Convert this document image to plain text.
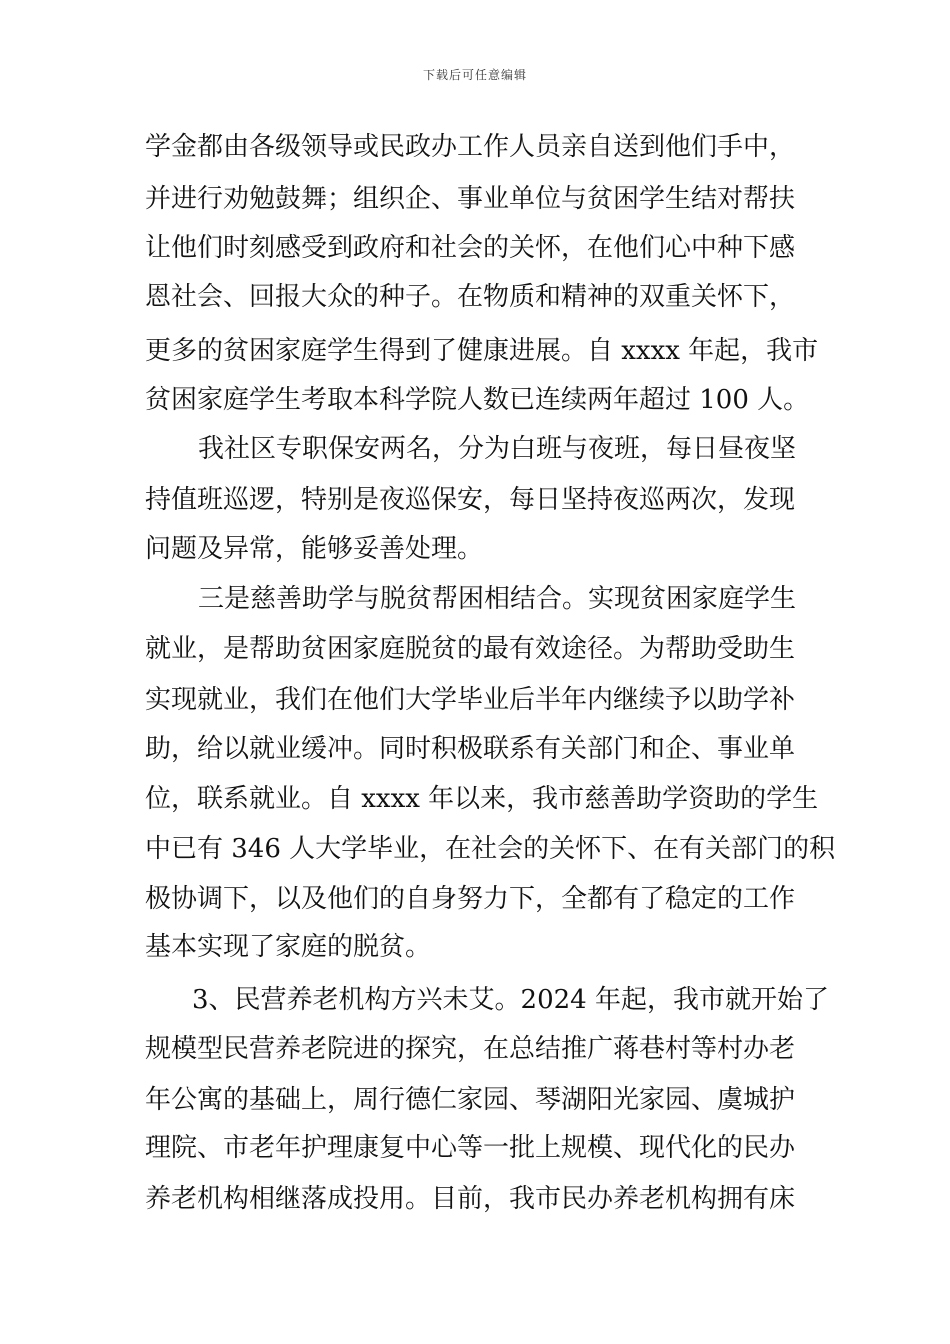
下载后可任意编辑
学金都由各级领导或民政办工作人员亲自送到他们手中，
并进行劝勉鼓舞；组织企、事业单位与贫困学生结对帮扶
让他们时刻感受到政府和社会的关怀，在他们心中种下感
恩社会、回报大众的种子。在物质和精神的双重关怀下，
更多的贫困家庭学生得到了健康进展。自 xxxx 年起，我市
贫困家庭学生考取本科学院人数已连续两年超过 100 人。
我社区专职保安两名，分为白班与夜班，每日昼夜坚
持值班巡逻，特别是夜巡保安，每日坚持夜巡两次，发现
问题及异常，能够妥善处理。
三是慈善助学与脱贫帮困相结合。实现贫困家庭学生
就业，是帮助贫困家庭脱贫的最有效途径。为帮助受助生
实现就业，我们在他们大学毕业后半年内继续予以助学补
助，给以就业缓冲。同时积极联系有关部门和企、事业单
位，联系就业。自 xxxx 年以来，我市慈善助学资助的学生
中已有 346 人大学毕业，在社会的关怀下、在有关部门的积
极协调下，以及他们的自身努力下，全都有了稳定的工作
基本实现了家庭的脱贫。
3、民营养老机构方兴未艾。2024 年起，我市就开始了
规模型民营养老院进的探究，在总结推广蒋巷村等村办老
年公寓的基础上，周行德仁家园、琴湖阳光家园、虞城护
理院、市老年护理康复中心等一批上规模、现代化的民办
养老机构相继落成投用。目前，我市民办养老机构拥有床
